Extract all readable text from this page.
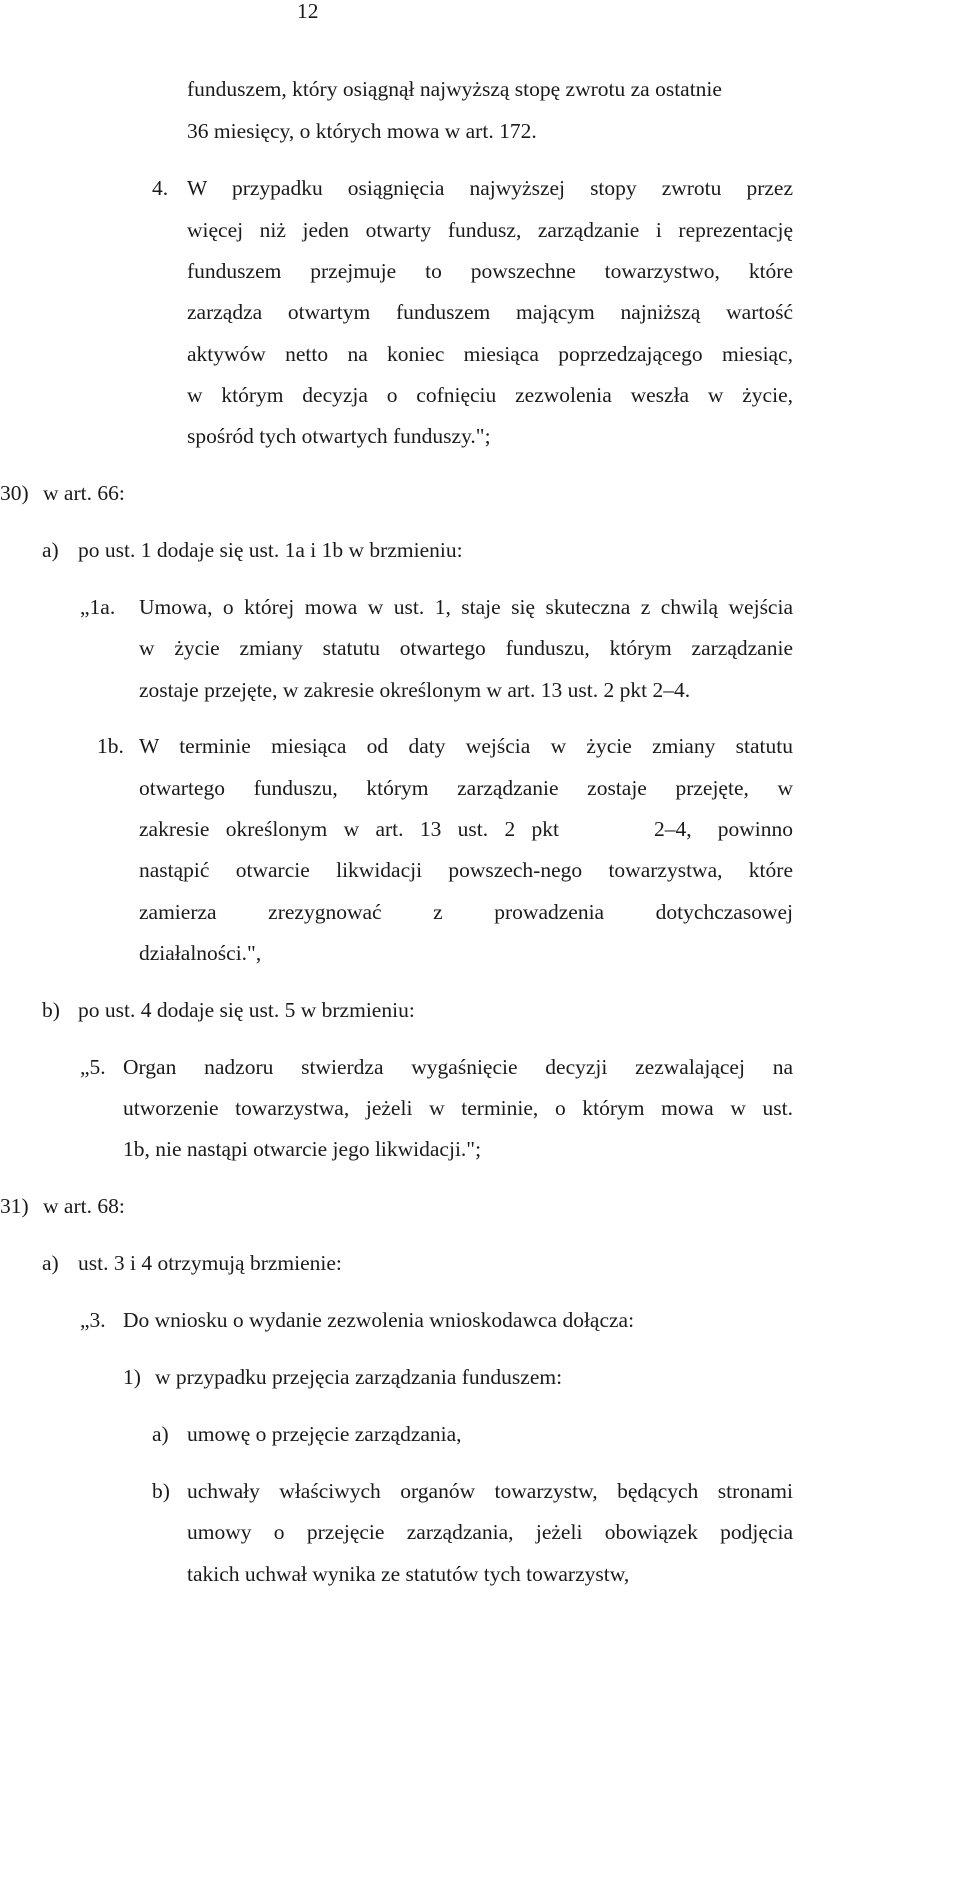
12
funduszem, który osiągnął najwyższą stopę zwrotu za ostatnie
36 miesięcy, o których mowa w art. 172.
4. W przypadku osiągnięcia najwyższej stopy zwrotu przez
więcej niż jeden otwarty fundusz, zarządzanie i reprezentację
funduszem przejmuje to powszechne towarzystwo, które
zarządza otwartym funduszem mającym najniższą wartość
aktywów netto na koniec miesiąca poprzedzającego miesiąc,
w którym decyzja o cofnięciu zezwolenia weszła w życie,
spośród tych otwartych funduszy.";
30) w art. 66:
a) po ust. 1 dodaje się ust. 1a i 1b w brzmieniu:
„1a. Umowa, o której mowa w ust. 1, staje się skuteczna z chwilą wejścia
w życie zmiany statutu otwartego funduszu, którym zarządzanie
zostaje przejęte, w zakresie określonym w art. 13 ust. 2 pkt 2–4.
1b. W terminie miesiąca od daty wejścia w życie zmiany statutu
otwartego funduszu, którym zarządzanie zostaje przejęte, w
zakresie określonym w art. 13 ust. 2 pkt	2–4, powinno
nastąpić otwarcie likwidacji powszech-nego towarzystwa, które
zamierza zrezygnować z prowadzenia dotychczasowej
działalności.",
b) po ust. 4 dodaje się ust. 5 w brzmieniu:
„5. Organ nadzoru stwierdza wygaśnięcie decyzji zezwalającej na
utworzenie towarzystwa, jeżeli w terminie, o którym mowa w ust.
1b, nie nastąpi otwarcie jego likwidacji.";
31) w art. 68:
a) ust. 3 i 4 otrzymują brzmienie:
„3. Do wniosku o wydanie zezwolenia wnioskodawca dołącza:
1) w przypadku przejęcia zarządzania funduszem:
a) umowę o przejęcie zarządzania,
b) uchwały właściwych organów towarzystw, będących stronami
umowy o przejęcie zarządzania, jeżeli obowiązek podjęcia
takich uchwał wynika ze statutów tych towarzystw,
